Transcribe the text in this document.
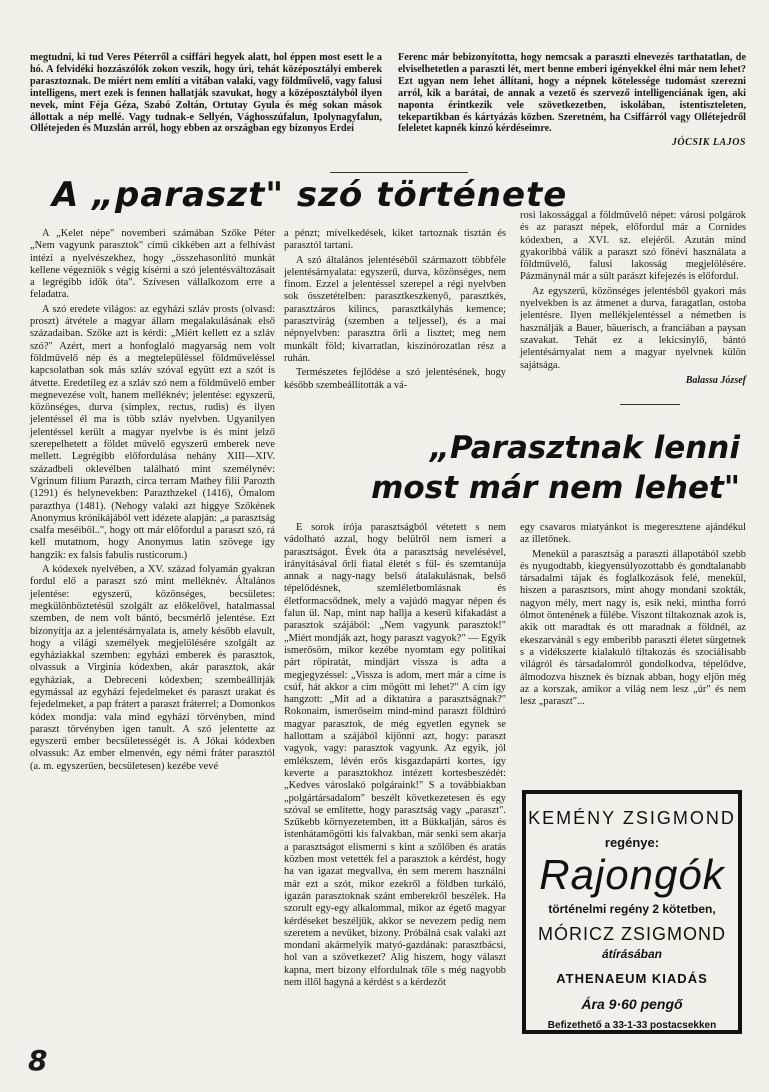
megtudni, ki tud Veres Péterről a csiffári hegyek alatt, hol éppen most esett le a hó. A felvidéki hozzászólók zokon veszik, hogy úri, tehát középosztályi emberek parasztoznak. De miért nem említi a vitában valaki, vagy földművelő, vagy falusi intelligens, mert ezek is fennen hallatják szavukat, hogy a középosztályból ilyen nevek, mint Féja Géza, Szabó Zoltán, Ortutay Gyula és még sokan mások állottak a nép mellé. Vagy tudnak-e Sellyén, Vághosszúfalun, Ipolynagyfalun, Ollétejeden és Muzslán arról, hogy ebben az országban egy bizonyos Erdei

Ferenc már bebizonyította, hogy nemcsak a paraszti elnevezés tarthatatlan, de elviselhetetlen a paraszti lét, mert benne emberi igényekkel élni már nem lehet? Ezt ugyan nem lehet állítani, hogy a népnek kötelessége tudomást szerezni arról, kik a barátai, de annak a vezető és szervező intelligenciának igen, aki naponta érintkezik vele szövetkezetben, iskolában, istentiszteleten, tekepartikban és kártyázás közben. Szeretném, ha Csiffárról vagy Ollétejedről feleletet kapnék kínzó kérdéseimre.

JÓCSIK LAJOS

A „paraszt" szó története

A „Kelet népe" novemberi számában Szőke Péter „Nem vagyunk parasztok" című cikkében azt a felhívást intézi a nyelvészekhez, hogy „összehasonlító munkát kellene végezniök s végig kísérni a szó jelentésváltozásait a legrégibb idők óta". Szívesen vállalkozom erre a feladatra.

A szó eredete világos: az egyházi szláv prosts (olvasd: proszt) átvétele a magyar állam megalakulásának első századaiban. Szőke azt is kérdi: „Miért kellett ez a szláv szó?" Azért, mert a honfoglaló magyarság nem volt földművelő nép és a megtelepüléssel földműveléssel kapcsolatban sok más szláv szóval együtt ezt a szót is átvette. Eredetileg ez a szláv szó nem a földművelő ember megnevezése volt, hanem melléknév; jelentése: egyszerű, közönséges, durva (simplex, rectus, rudis) és ilyen jelentéssel él ma is több szláv nyelvben. Ugyanilyen jelentéssel került a magyar nyelvbe is és mint jelző szerepelhetett a földet művelő egyszerű emberek neve mellett. Legrégibb előfordulása nehány XIII—XIV. századbeli oklevélben található mint személynév: Vgrinum filium Parazth, circa terram Mathey filii Parozth (1291) és helynevekben: Parazthzekel (1416), Ómalom parazthya (1481). (Nehogy valaki azt higgye Szőkének Anonymus krónikájából vett idézete alapján: „a parasztság csalfa meséiből..", hogy ott már előfordul a paraszt szó, rá kell mutatnom, hogy Anonymus latin szövege így hangzik: ex falsis fabulis rusticorum.)

A kódexek nyelvében, a XV. század folyamán gyakran fordul elő a paraszt szó mint melléknév. Általános jelentése: egyszerű, közönséges, becsületes: megkülönböztetésül szolgált az előkelővel, hatalmassal szemben, de nem volt bántó, becsmérlő jelentése. Ezt bizonyítja az a jelentésárnyalata is, amely később elavult, hogy a világi személyek megjelölésére szolgált az egyháziakkal szemben: egyházi emberek és parasztok, olvassuk a Virginia kódexben, akár parasztok, akár egyháziak, a Debreceni kódexben; szembeállítják egymással az egyházi fejedelmeket és paraszt urakat és fejedelmeket, a pap frátert a paraszt fráterrel; a Domonkos kódex mondja: vala mind egyházi törvényben, mind paraszt törvényben igen tanult. A szó jelentette az egyszerű ember becsületességét is. A Jókai kódexben olvassuk: Az ember elmenvén, egy némi fráter parasztól (a. m. egyszerűen, becsületesen) kezébe vevé

a pénzt; mívelkedések, kiket tartoznak tisztán és parasztól tartani.

A szó általános jelentéséből származott többféle jelentésárnyalata: egyszerű, durva, közönséges, nem finom. Ezzel a jelentéssel szerepel a régi nyelvben sok összetételben: parasztkeszkenyő, parasztkés, parasztzáros kilincs, parasztkályhás kemence; parasztvirág (szemben a teljessel), és a mai népnyelvben: parasztra őrli a lisztet; meg nem munkált föld; kivarratlan, kiszínórozatlan rész a ruhán.

Természetes fejlődése a szó jelentésének, hogy később szembeállították a vá-

rosi lakossággal a földművelő népet: városi polgárok és az paraszt népek, előfordul már a Cornides kódexben, a XVI. sz. elejéről. Azután mind gyakoribbá válik a paraszt szó főnévi használata a földművelő, falusi lakosság megjelölésére. Pázmánynál már a sült parászt kifejezés is előfordul.

Az egyszerű, közönséges jelentésből gyakori más nyelvekben is az átmenet a durva, faragatlan, ostoba jelentésre. Ilyen mellékjelentéssel a németben is használják a Bauer, bäuerisch, a franciában a paysan szavakat. Tehát ez a lekicsinylő, bántó jelentésárnyalat nem a magyar nyelvnek külön sajátsága.

Balassa József

„Parasztnak lenni
most már nem lehet"

E sorok írója parasztságból vétetett s nem vádolható azzal, hogy belülről nem ismeri a parasztságot. Évek óta a parasztság nevelésével, irányításával őrli fiatal életét s fül- és szemtanúja annak a nagy-nagy belső átalakulásnak, belső tépelődésnek, szemléletbomlásnak és életformacsődnek, mely a vajúdó magyar népen és falun ül. Nap, mint nap hallja a keserű kifakadást a parasztok szájából: „Nem vagyunk parasztok!" „Miért mondják azt, hogy paraszt vagyok?" — Egyik ismerősöm, mikor kezébe nyomtam egy politikai párt röpiratát, mindjárt vissza is adta a megjegyzéssel: „Vissza is adom, mert már a címe is csúf, hát akkor a cím mögött mi lehet?" A cím így hangzott: „Mit ad a diktatúra a parasztságnak?" Rokonaim, ismerőseim mind-mind paraszt földtúró magyar parasztok, de még egyetlen egynek se hallottam a szájából kijönni azt, hogy: paraszt vagyok, vagy: parasztok vagyunk. Az egyik, jól emlékszem, lévén erős kisgazdapárti kortes, így keverte a parasztokhoz intézett kortesbeszédét: „Kedves városlakó polgáraink!" S a továbbiakban „polgártársadalom" beszélt következetesen és egy szóval se említette, hogy parasztság vagy „paraszt". Szűkebb környezetemben, itt a Bükkalján, sáros és istenhátamögötti kis falvakban, már senki sem akarja a parasztságot elismerni s kint a szőlőben és aratás közben most vetették fel a parasztok a kérdést, hogy ha van igazat megvallva, én sem merem használni már ezt a szót, mikor ezekről a földben turkáló, igazán parasztoknak szánt emberekről beszélek. Ha szorult egy-egy alkalommal, mikor az égető magyar kérdéseket beszéljük, akkor se nevezem pedig nem szeretem a nevüket, bizony. Próbálná csak valaki azt mondani akármelyik matyó-gazdának: parasztbácsi, hol van a szövetkezet? Alig hiszem, hogy választ kapna, mert bizony elfordulnak tőle s még nagyobb nem illől hagyná a kérdést s a kérdezőt

egy csavaros miatyánkot is megeresztene ajándékul az illetőnek.

Menekül a parasztság a paraszti állapotából szebb és nyugodtabb, kiegyensúlyozottabb és gondtalanabb társadalmi tájak és foglalkozások felé, menekül, hiszen a parasztsors, mint ahogy mondani szokták, nagyon mély, mert nagy is, esik neki, mintha forró ólmot öntenének a fülébe. Viszont tiltakoznak azok is, akik ott maradtak és ott maradnak a földnél, az ekeszarvánál s egy emberibb paraszti életet sürgetnek s a vidékszerte kialakuló tiltakozás és szociálisabb világról és társadalomról gondolkodva, tépelődve, álmodozva hisznek és bíznak abban, hogy eljön még az a korszak, amikor a világ nem lesz „úr" és nem lesz „paraszt"...

KEMÉNY ZSIGMOND
regénye:
Rajongók
történelmi regény 2 kötetben,
MÓRICZ ZSIGMOND
átírásában
ATHENAEUM KIADÁS
Ára 9·60 pengő
Befizethető a 33-1-33 postacsekken
8
